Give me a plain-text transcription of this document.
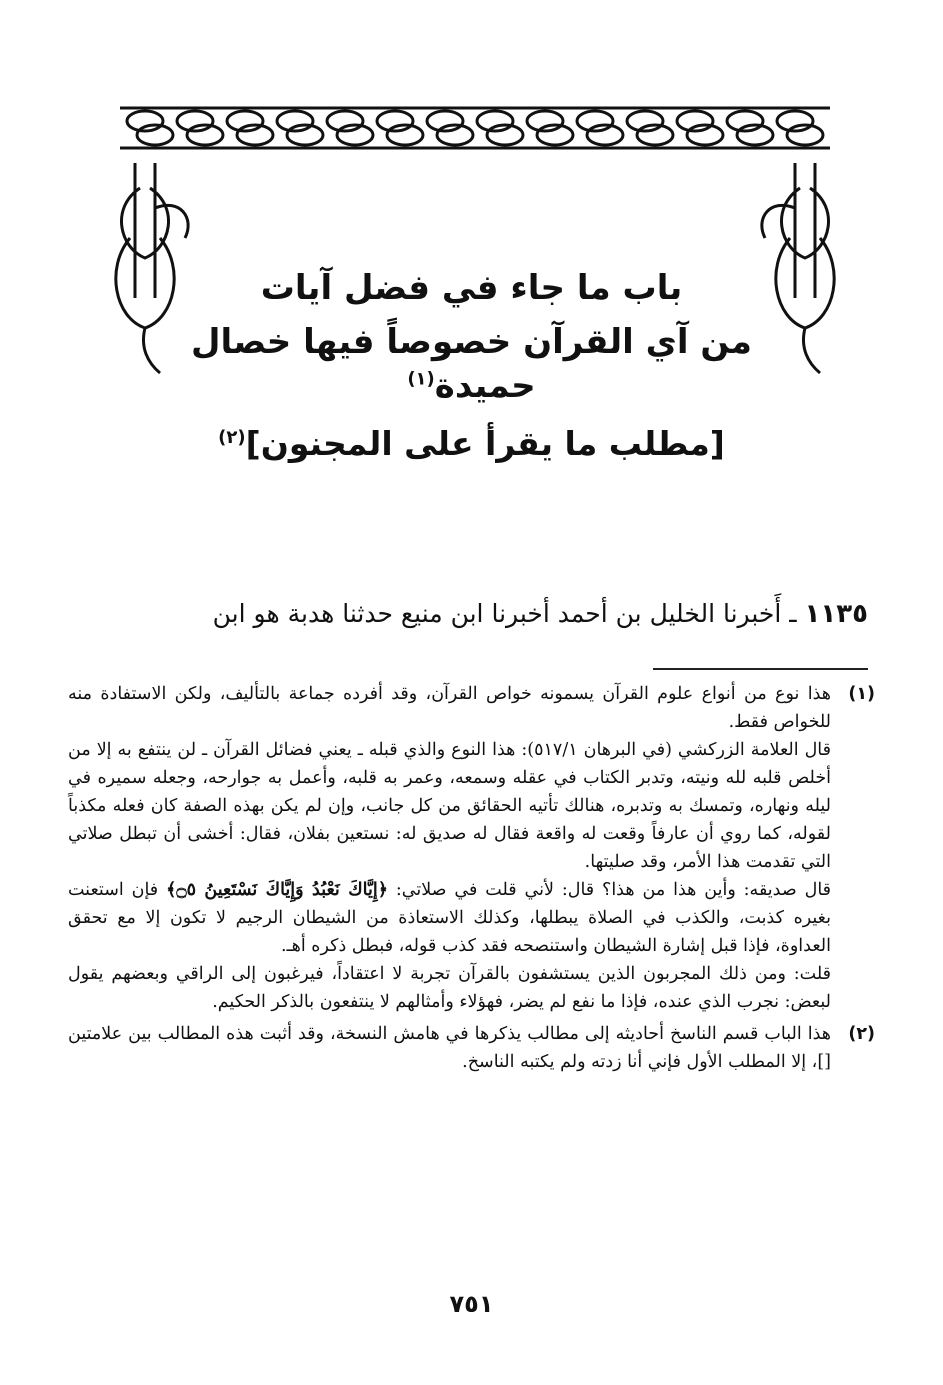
باب ما جاء في فضل آيات
من آي القرآن خصوصاً فيها خصال حميدة$^{(١)}$
[مطلب ما يقرأ على المجنون]$^{(٢)}$

١١٣٥ ـ أَخبرنا الخليل بن أحمد أخبرنا ابن منيع حدثنا هدبة هو ابن

(١)

هذا نوع من أنواع علوم القرآن يسمونه خواص القرآن، وقد أفرده جماعة بالتأليف، ولكن الاستفادة منه للخواص فقط.

قال العلامة الزركشي (في البرهان ٥١٧/١): هذا النوع والذي قبله ـ يعني فضائل القرآن ـ لن ينتفع به إلا من أخلص قلبه لله ونيته، وتدبر الكتاب في عقله وسمعه، وعمر به قلبه، وأعمل به جوارحه، وجعله سميره في ليله ونهاره، وتمسك به وتدبره، هنالك تأتيه الحقائق من كل جانب، وإن لم يكن بهذه الصفة كان فعله مكذباً لقوله، كما روي أن عارفاً وقعت له واقعة فقال له صديق له: نستعين بفلان، فقال: أخشى أن تبطل صلاتي التي تقدمت هذا الأمر، وقد صليتها.

قال صديقه: وأين هذا من هذا؟ قال: لأني قلت في صلاتي: ﴿إِيَّاكَ نَعْبُدُ وَإِيَّاكَ نَسْتَعِينُ ۝٥﴾ فإن استعنت بغيره كذبت، والكذب في الصلاة يبطلها، وكذلك الاستعاذة من الشيطان الرجيم لا تكون إلا مع تحقق العداوة، فإذا قبل إشارة الشيطان واستنصحه فقد كذب قوله، فبطل ذكره أهـ.

قلت: ومن ذلك المجربون الذين يستشفون بالقرآن تجربة لا اعتقاداً، فيرغبون إلى الراقي وبعضهم يقول لبعض: نجرب الذي عنده، فإذا ما نفع لم يضر، فهؤلاء وأمثالهم لا ينتفعون بالذكر الحكيم.

(٢)

هذا الباب قسم الناسخ أحاديثه إلى مطالب يذكرها في هامش النسخة، وقد أثبت هذه المطالب بين علامتين []، إلا المطلب الأول فإني أنا زدته ولم يكتبه الناسخ.

٧٥١
